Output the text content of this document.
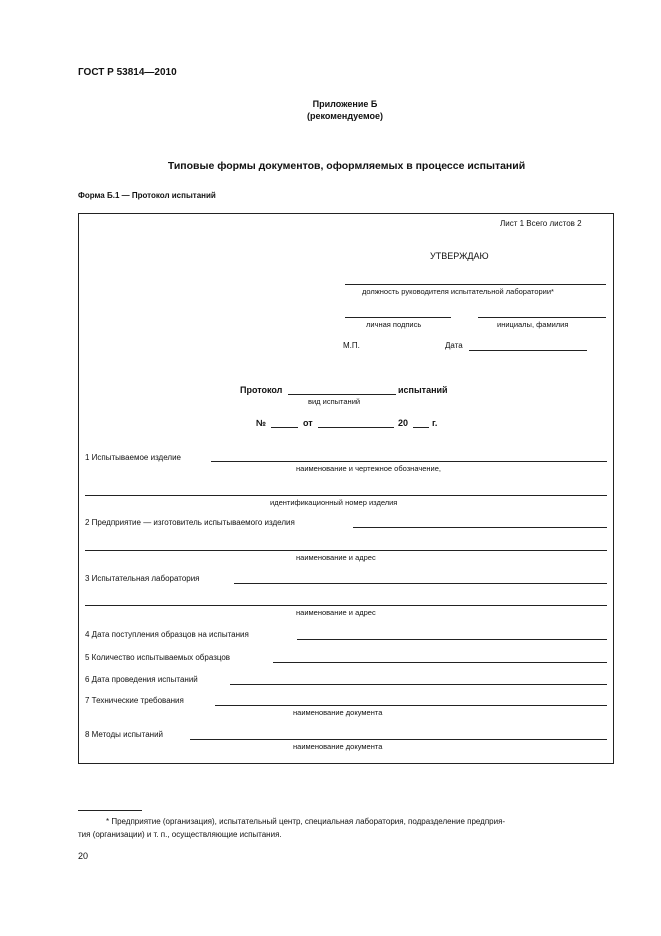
ГОСТ Р 53814—2010
Приложение Б
(рекомендуемое)
Типовые формы документов, оформляемых в процессе испытаний
Форма Б.1 — Протокол испытаний
Лист 1 Всего листов 2
УТВЕРЖДАЮ
должность руководителя испытательной лаборатории*
личная подпись	инициалы, фамилия
М.П.	Дата
Протокол	испытаний
вид испытаний
№	от	20	г.
1 Испытываемое изделие
наименование и чертежное обозначение,
идентификационный номер изделия
2 Предприятие — изготовитель испытываемого изделия
наименование и адрес
3 Испытательная лаборатория
наименование и адрес
4 Дата поступления образцов на испытания
5 Количество испытываемых образцов
6 Дата проведения испытаний
7 Технические требования
наименование документа
8 Методы испытаний
наименование документа
* Предприятие (организация), испытательный центр, специальная лаборатория, подразделение предприя-
тия (организации) и т. п., осуществляющие испытания.
20
